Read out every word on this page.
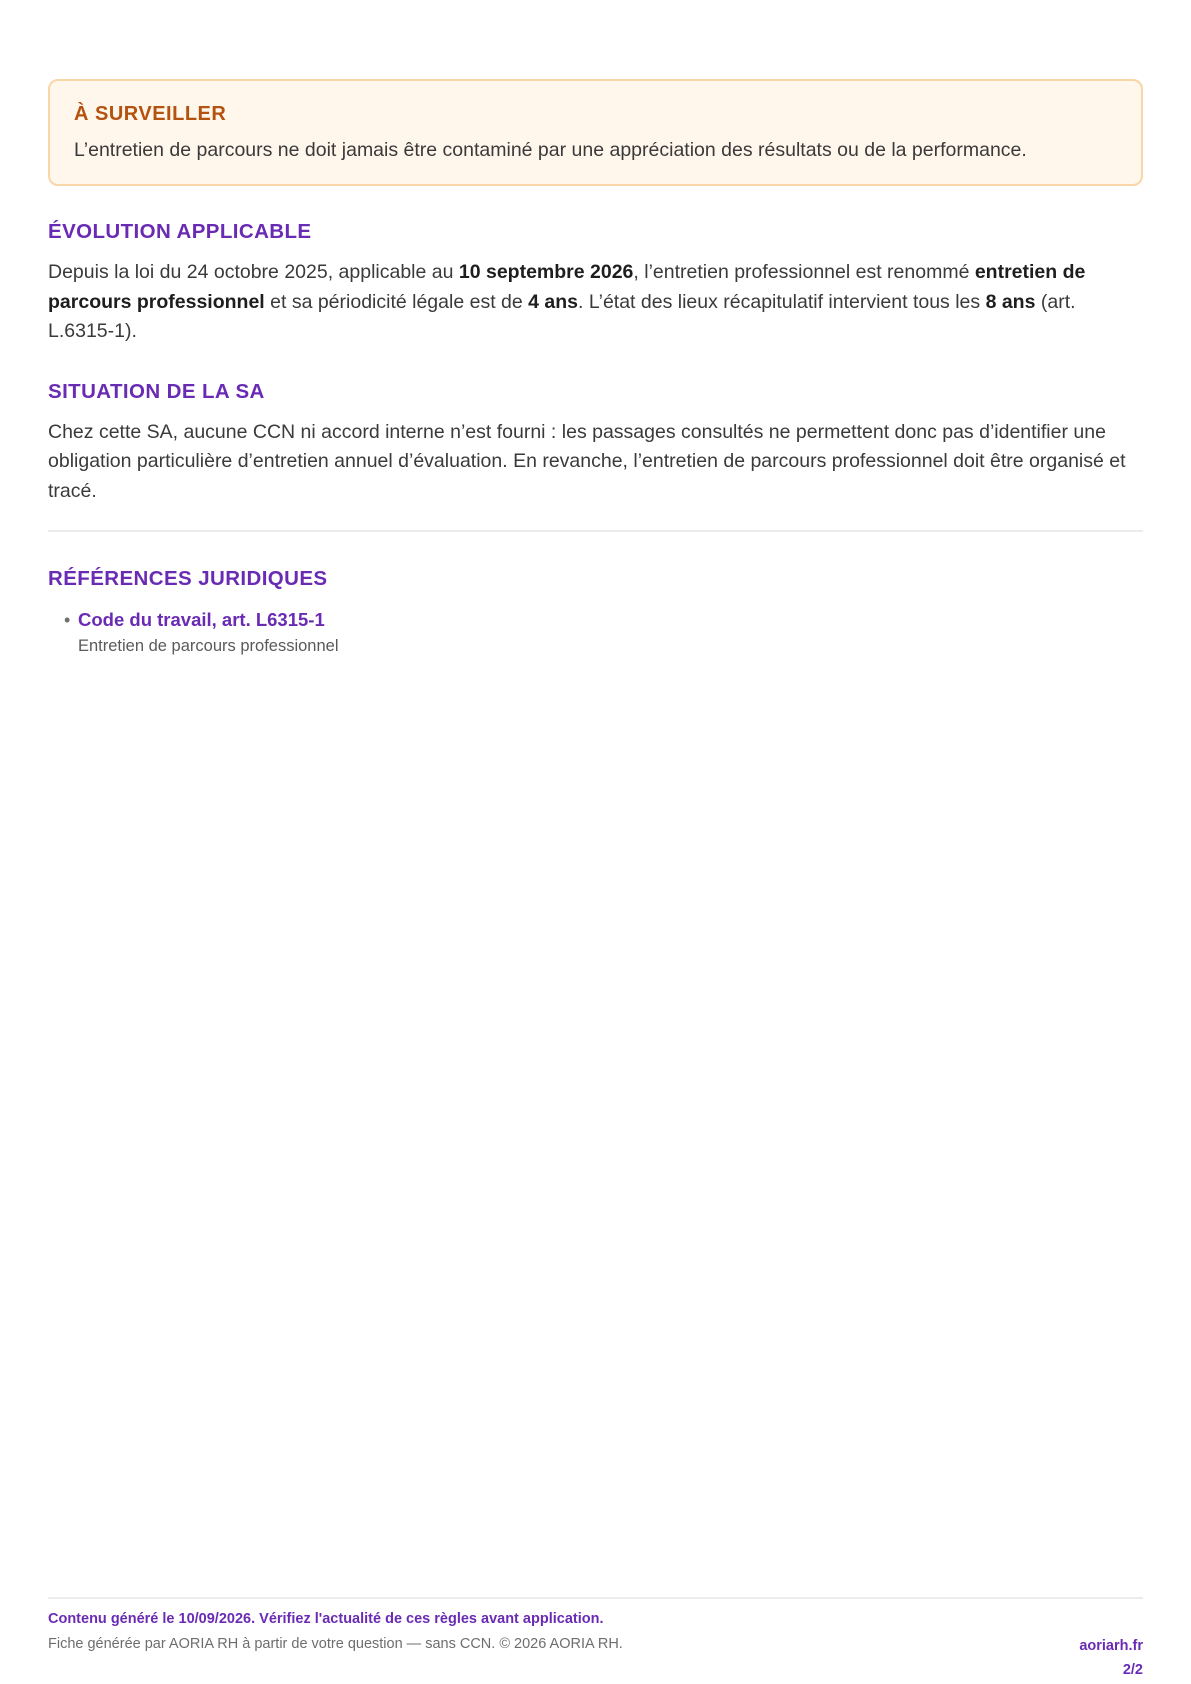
À SURVEILLER
L’entretien de parcours ne doit jamais être contaminé par une appréciation des résultats ou de la performance.
ÉVOLUTION APPLICABLE

Depuis la loi du 24 octobre 2025, applicable au 10 septembre 2026, l’entretien professionnel est renommé entretien de parcours professionnel et sa périodicité légale est de 4 ans. L’état des lieux récapitulatif intervient tous les 8 ans (art. L.6315-1).

SITUATION DE LA SA

Chez cette SA, aucune CCN ni accord interne n’est fourni : les passages consultés ne permettent donc pas d’identifier une obligation particulière d’entretien annuel d’évaluation. En revanche, l’entretien de parcours professionnel doit être organisé et tracé.

RÉFÉRENCES JURIDIQUES
• Code du travail, art. L6315-1
Entretien de parcours professionnel
Contenu généré le 10/09/2026. Vérifiez l'actualité de ces règles avant application.
Fiche générée par AORIA RH à partir de votre question — sans CCN. © 2026 AORIA RH.	aoriarh.fr
2/2
